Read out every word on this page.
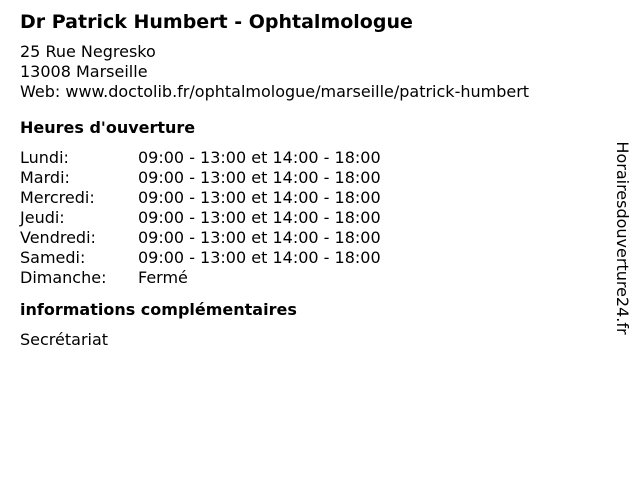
Dr Patrick Humbert - Ophtalmologue
25 Rue Negresko
13008 Marseille
Web: www.doctolib.fr/ophtalmologue/marseille/patrick-humbert
Heures d'ouverture
Lundi:	09:00 - 13:00 et 14:00 - 18:00
Mardi:	09:00 - 13:00 et 14:00 - 18:00
Mercredi:	09:00 - 13:00 et 14:00 - 18:00
Jeudi:	09:00 - 13:00 et 14:00 - 18:00
Vendredi:	09:00 - 13:00 et 14:00 - 18:00
Samedi:	09:00 - 13:00 et 14:00 - 18:00
Dimanche:	Fermé
informations complémentaires
Secrétariat
Horairesdouverture24.fr
